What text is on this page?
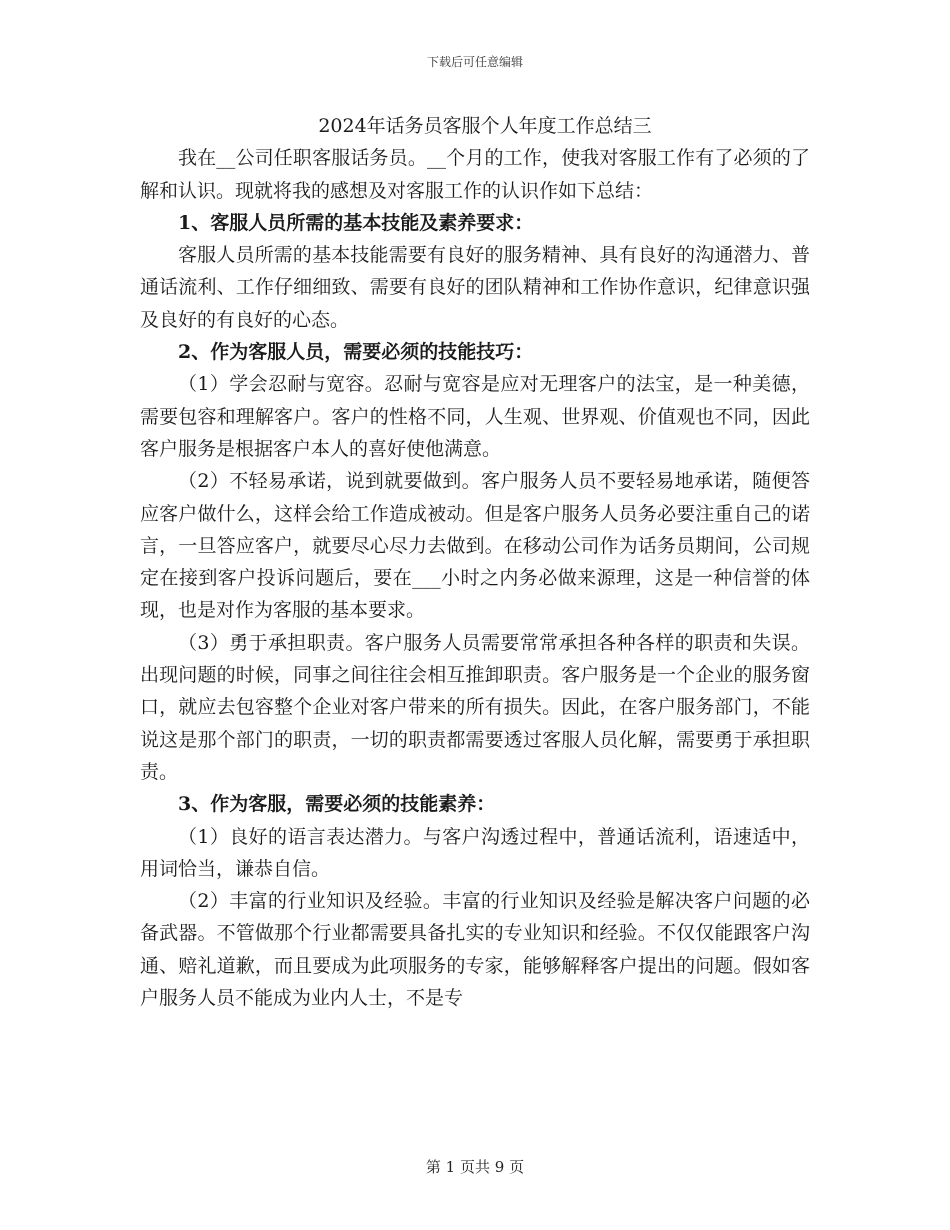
下载后可任意编辑
2024年话务员客服个人年度工作总结三

我在__公司任职客服话务员。__个月的工作，使我对客服工作有了必须的了解和认识。现就将我的感想及对客服工作的认识作如下总结：

1、客服人员所需的基本技能及素养要求：

客服人员所需的基本技能需要有良好的服务精神、具有良好的沟通潜力、普通话流利、工作仔细细致、需要有良好的团队精神和工作协作意识，纪律意识强及良好的有良好的心态。

2、作为客服人员，需要必须的技能技巧：

（1）学会忍耐与宽容。忍耐与宽容是应对无理客户的法宝，是一种美德，需要包容和理解客户。客户的性格不同，人生观、世界观、价值观也不同，因此客户服务是根据客户本人的喜好使他满意。

（2）不轻易承诺，说到就要做到。客户服务人员不要轻易地承诺，随便答应客户做什么，这样会给工作造成被动。但是客户服务人员务必要注重自己的诺言，一旦答应客户，就要尽心尽力去做到。在移动公司作为话务员期间，公司规定在接到客户投诉问题后，要在___小时之内务必做来源理，这是一种信誉的体现，也是对作为客服的基本要求。

（3）勇于承担职责。客户服务人员需要常常承担各种各样的职责和失误。出现问题的时候，同事之间往往会相互推卸职责。客户服务是一个企业的服务窗口，就应去包容整个企业对客户带来的所有损失。因此，在客户服务部门，不能说这是那个部门的职责，一切的职责都需要透过客服人员化解，需要勇于承担职责。

3、作为客服，需要必须的技能素养：

（1）良好的语言表达潜力。与客户沟透过程中，普通话流利，语速适中，用词恰当，谦恭自信。

（2）丰富的行业知识及经验。丰富的行业知识及经验是解决客户问题的必备武器。不管做那个行业都需要具备扎实的专业知识和经验。不仅仅能跟客户沟通、赔礼道歉，而且要成为此项服务的专家，能够解释客户提出的问题。假如客户服务人员不能成为业内人士，不是专

第 1 页共 9 页
